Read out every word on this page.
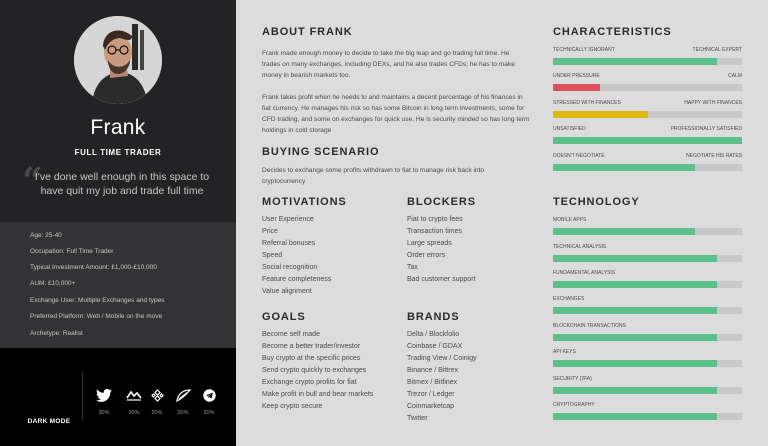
Frank
FULL TIME TRADER
“
I've done well enough in this space to have quit my job and trade full time
Age: 25-40
Occupation: Full Time Trader
Typical Investment Amount: £1,000-£10,000
AUM: £10,000+
Exchange User: Multiple Exchanges and types
Preferred Platform: Web / Mobile on the move
Archetype: Realist
DARK MODE
30%	30%	20%	20%	20%
ABOUT FRANK
Frank made enough money to decide to take the big leap and go trading full time. He trades on many exchanges, including DEXs, and he also trades CFDs; he has to make money in bearish markets too.
Frank takes profit when he needs to and maintains a decent percentage of his finances in fiat currency. He manages his risk so has some Bitcoin in long term investments, some for CFD trading, and some on exchanges for quick use. He is security minded so has long term holdings in cold storage
BUYING SCENARIO
Decides to exchange some profits withdrawn to fiat to manage risk back into cryptocurrency
MOTIVATIONS
User Experience
Price
Referral bonuses
Speed
Social recognition
Feature completeness
Value alignment
BLOCKERS
Fiat to crypto fees
Transaction times
Large spreads
Order errors
Tax
Bad customer support
GOALS
Become self made
Become a better trader/investor
Buy crypto at the specific prices
Send crypto quickly to exchanges
Exchange crypto profits for fiat
Make profit in bull and bear markets
Keep crypto secure
BRANDS
Delta / Blockfolio
Coinbase / GDAX
Trading View / Coinigy
Binance / Bittrex
Bitmex / Bitfinex
Trezor / Ledger
Coinmarketcap
Twitter
CHARACTERISTICS
TECHNICALLY IGNORANT	TECHNICAL EXPERT
UNDER PRESSURE	CALM
STRESSED WITH FINANCES	HAPPY WITH FINANCES
UNSATISFIED	PROFESSIONALLY SATISFIED
DOESN'T NEGOTIATE	NEGOTIATE HIS RATES
TECHNOLOGY
MOBILE APPS
TECHNICAL ANALYSIS
FUNDAMENTAL ANALYSIS
EXCHANGES
BLOCKCHAIN TRANSACTIONS
API KEYS
SECURITY (2FA)
CRYPTOGRAPHY
